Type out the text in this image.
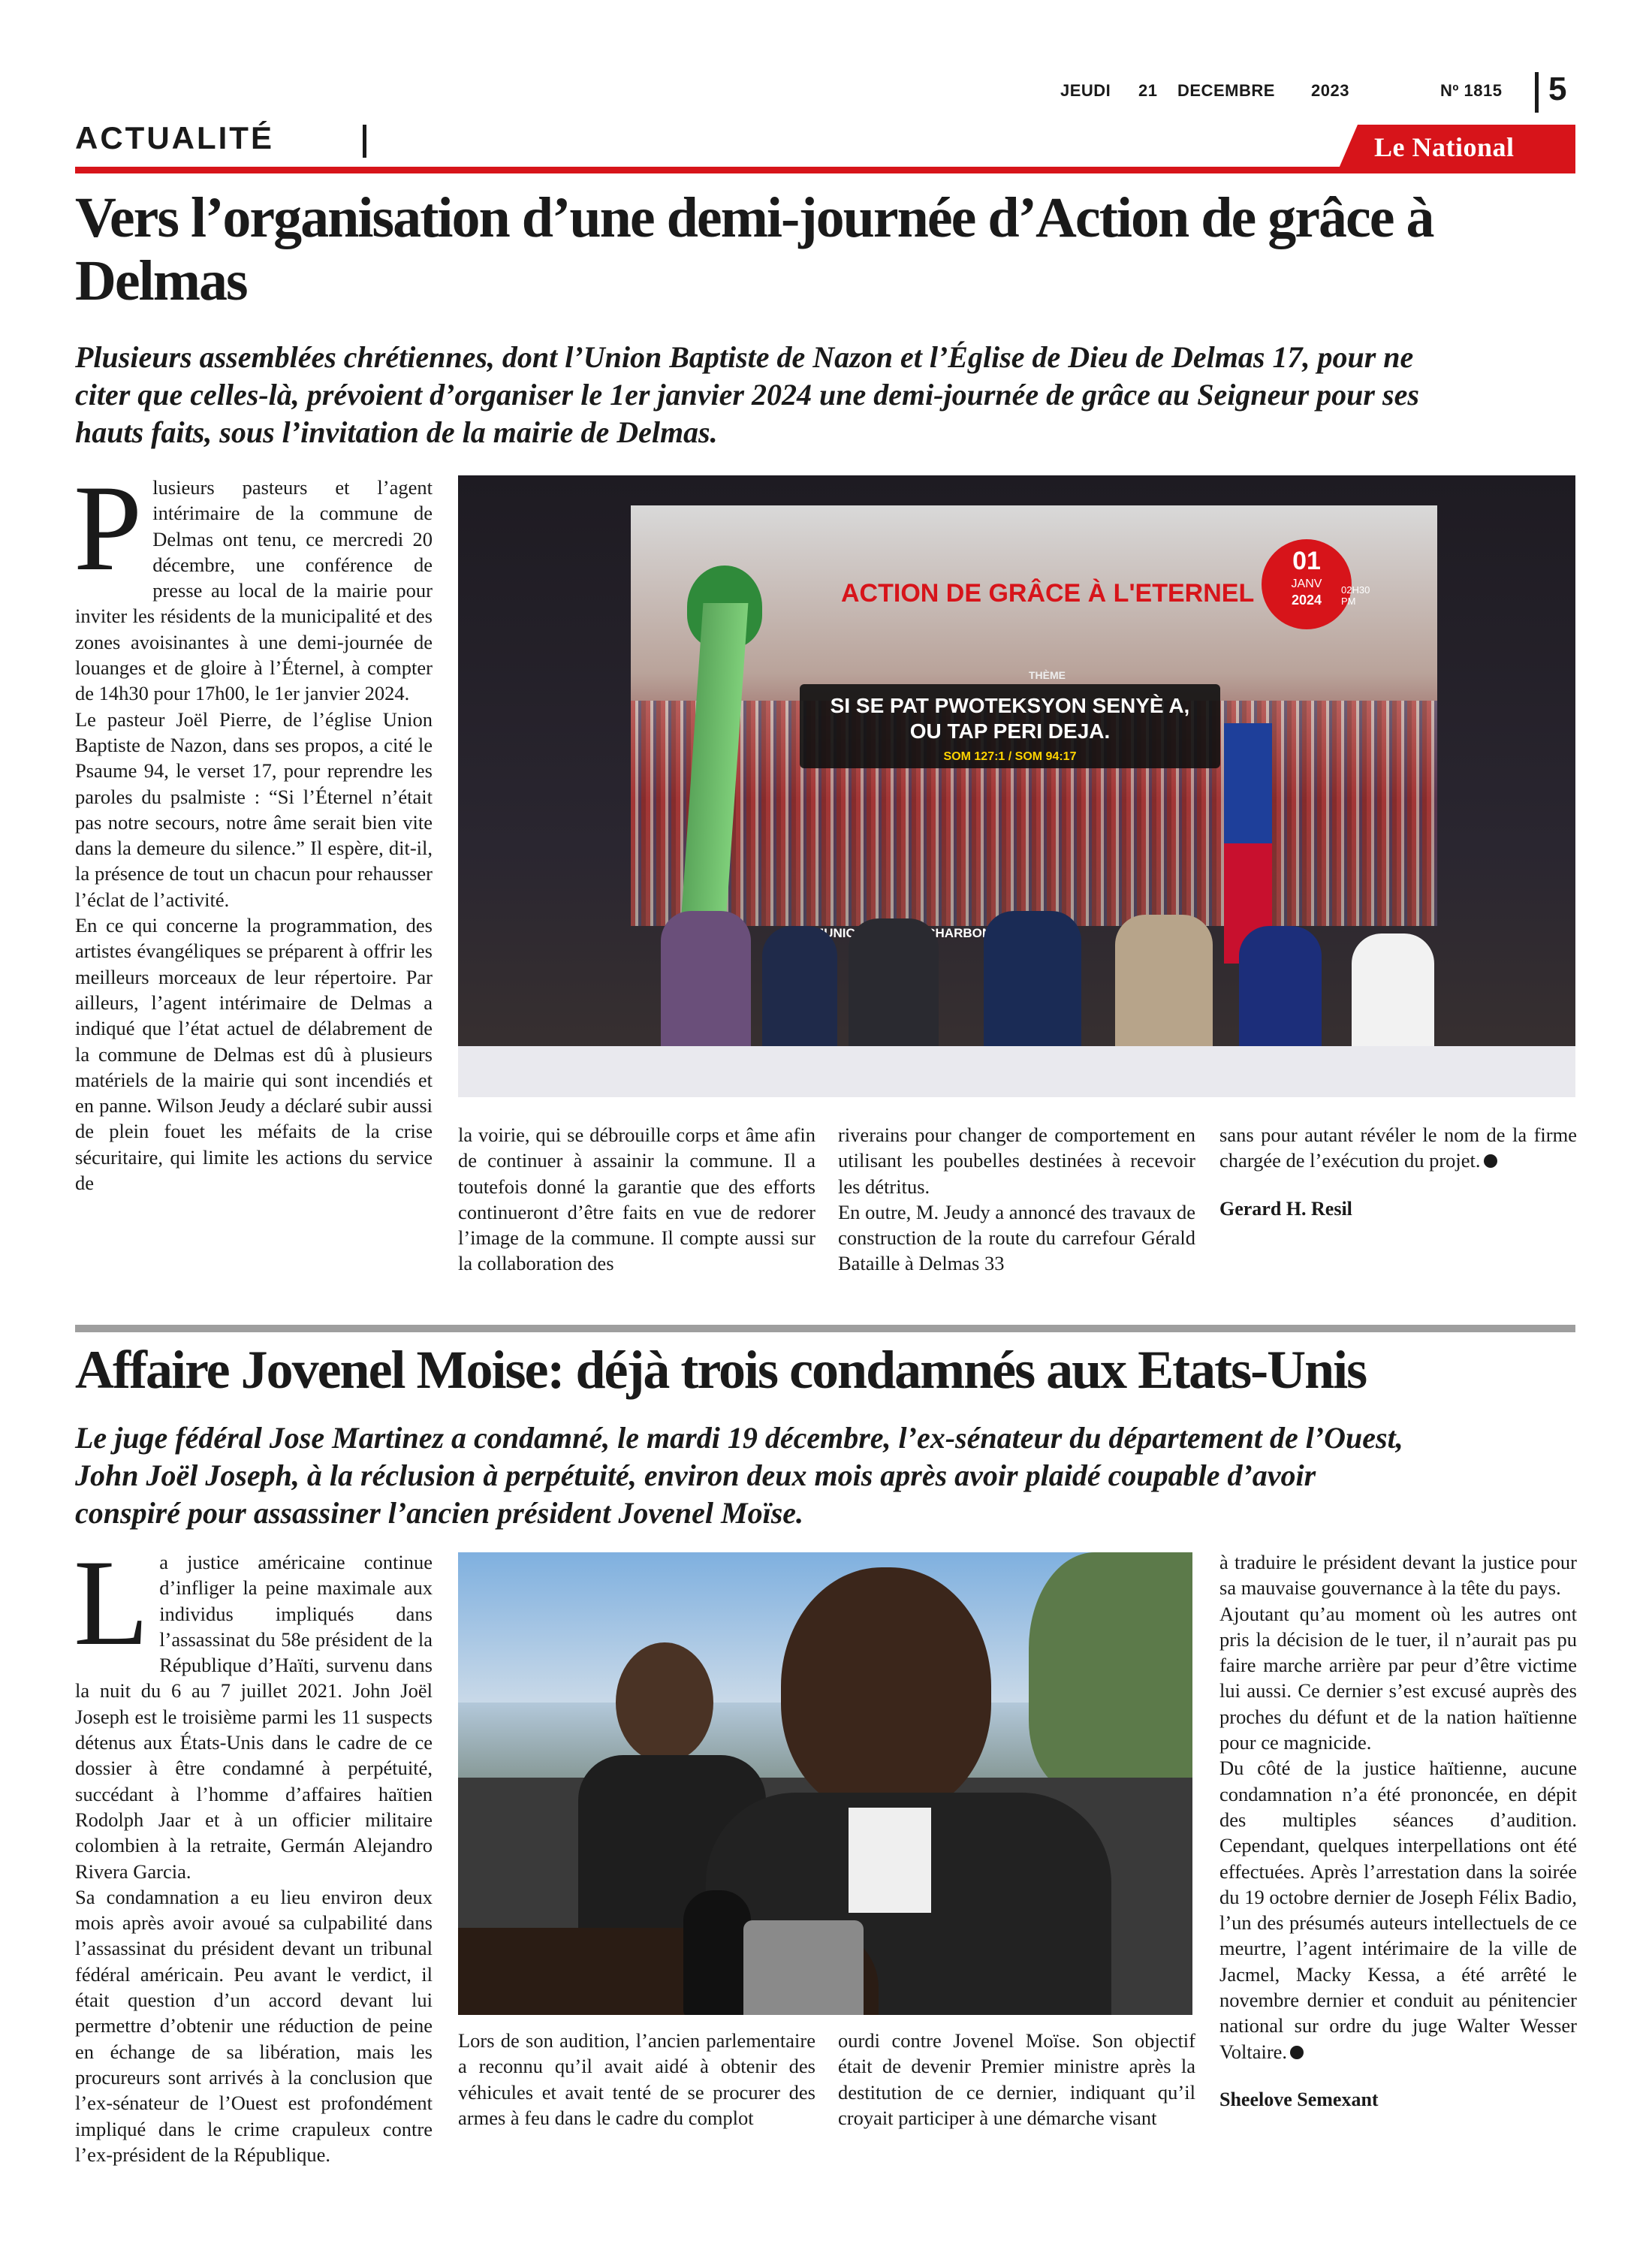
JEUDI 21 DECEMBRE 2023	Nº 1815 5
ACTUALITÉ	Le National
Vers l’organisation d’une demi-journée d’Action de grâce à
Delmas
Plusieurs assemblées chrétiennes, dont l’Union Baptiste de Nazon et l’Église de Dieu de Delmas 17, pour ne
citer que celles-là, prévoient d’organiser le 1er janvier 2024 une demi-journée de grâce au Seigneur pour ses
hauts faits, sous l’invitation de la mairie de Delmas.
P lusieurs pasteurs et l’agent intérimaire de la commune de Delmas ont tenu, ce mercredi 20 décembre, une conférence de presse au local de la mairie pour inviter les résidents de la municipalité et des zones avoisinantes à une demi-journée de louanges et de gloire à l’Éternel, à compter de 14h30 pour 17h00, le 1er janvier 2024.

Le pasteur Joël Pierre, de l’église Union Baptiste de Nazon, dans ses propos, a cité le Psaume 94, le verset 17, pour reprendre les paroles du psalmiste : “Si l’Éternel n’était pas notre secours, notre âme serait bien vite dans la demeure du silence.” Il espère, dit-il, la présence de tout un chacun pour rehausser l’éclat de l’activité.

En ce qui concerne la programmation, des artistes évangéliques se préparent à offrir les meilleurs morceaux de leur répertoire. Par ailleurs, l’agent intérimaire de Delmas a indiqué que l’état actuel de délabrement de la commune de Delmas est dû à plusieurs matériels de la mairie qui sont incendiés et en panne. Wilson Jeudy a déclaré subir aussi de plein fouet les méfaits de la crise sécuritaire, qui limite les actions du service de

ACTION DE GRÂCE À L'ETERNEL
01
JANV
2024
02H30 PM
THÈME
SI SE PAT PWOTEKSYON SENYÈ A,
OU TAP PERI DEJA.
SOM 127:1 / SOM 94:17
MUNIC       CHARBONIER

la voirie, qui se débrouille corps et âme afin de continuer à assainir la commune. Il a toutefois donné la garantie que des efforts continueront d’être faits en vue de redorer l’image de la commune. Il compte aussi sur la collaboration des

riverains pour changer de comportement en utilisant les poubelles destinées à recevoir les détritus.

En outre, M. Jeudy a annoncé des travaux de construction de la route du carrefour Gérald Bataille à Delmas 33

sans pour autant révéler le nom de la firme chargée de l’exécution du projet.

Gerard H. Resil
Affaire Jovenel Moise: déjà trois condamnés aux Etats-Unis
Le juge fédéral Jose Martinez a condamné, le mardi 19 décembre, l’ex-sénateur du département de l’Ouest,
John Joël Joseph, à la réclusion à perpétuité, environ deux mois après avoir plaidé coupable d’avoir
conspiré pour assassiner l’ancien président Jovenel Moïse.
L a justice américaine continue d’infliger la peine maximale aux individus impliqués dans l’assassinat du 58e président de la République d’Haïti, survenu dans la nuit du 6 au 7 juillet 2021. John Joël Joseph est le troisième parmi les 11 suspects détenus aux États-Unis dans le cadre de ce dossier à être condamné à perpétuité, succédant à l’homme d’affaires haïtien Rodolph Jaar et à un officier militaire colombien à la retraite, Germán Alejandro Rivera Garcia.

Sa condamnation a eu lieu environ deux mois après avoir avoué sa culpabilité dans l’assassinat du président devant un tribunal fédéral américain. Peu avant le verdict, il était question d’un accord devant lui permettre d’obtenir une réduction de peine en échange de sa libération, mais les procureurs sont arrivés à la conclusion que l’ex-sénateur de l’Ouest est profondément impliqué dans le crime crapuleux contre l’ex-président de la République.

Lors de son audition, l’ancien parlementaire a reconnu qu’il avait aidé à obtenir des véhicules et avait tenté de se procurer des armes à feu dans le cadre du complot

ourdi contre Jovenel Moïse. Son objectif était de devenir Premier ministre après la destitution de ce dernier, indiquant qu’il croyait participer à une démarche visant

à traduire le président devant la justice pour sa mauvaise gouvernance à la tête du pays.

Ajoutant qu’au moment où les autres ont pris la décision de le tuer, il n’aurait pas pu faire marche arrière par peur d’être victime lui aussi. Ce dernier s’est excusé auprès des proches du défunt et de la nation haïtienne pour ce magnicide.

Du côté de la justice haïtienne, aucune condamnation n’a été prononcée, en dépit des multiples séances d’audition. Cependant, quelques interpellations ont été effectuées. Après l’arrestation dans la soirée du 19 octobre dernier de Joseph Félix Badio, l’un des présumés auteurs intellectuels de ce meurtre, l’agent intérimaire de la ville de Jacmel, Macky Kessa, a été arrêté le novembre dernier et conduit au pénitencier national sur ordre du juge Walter Wesser Voltaire.

Sheelove Semexant
